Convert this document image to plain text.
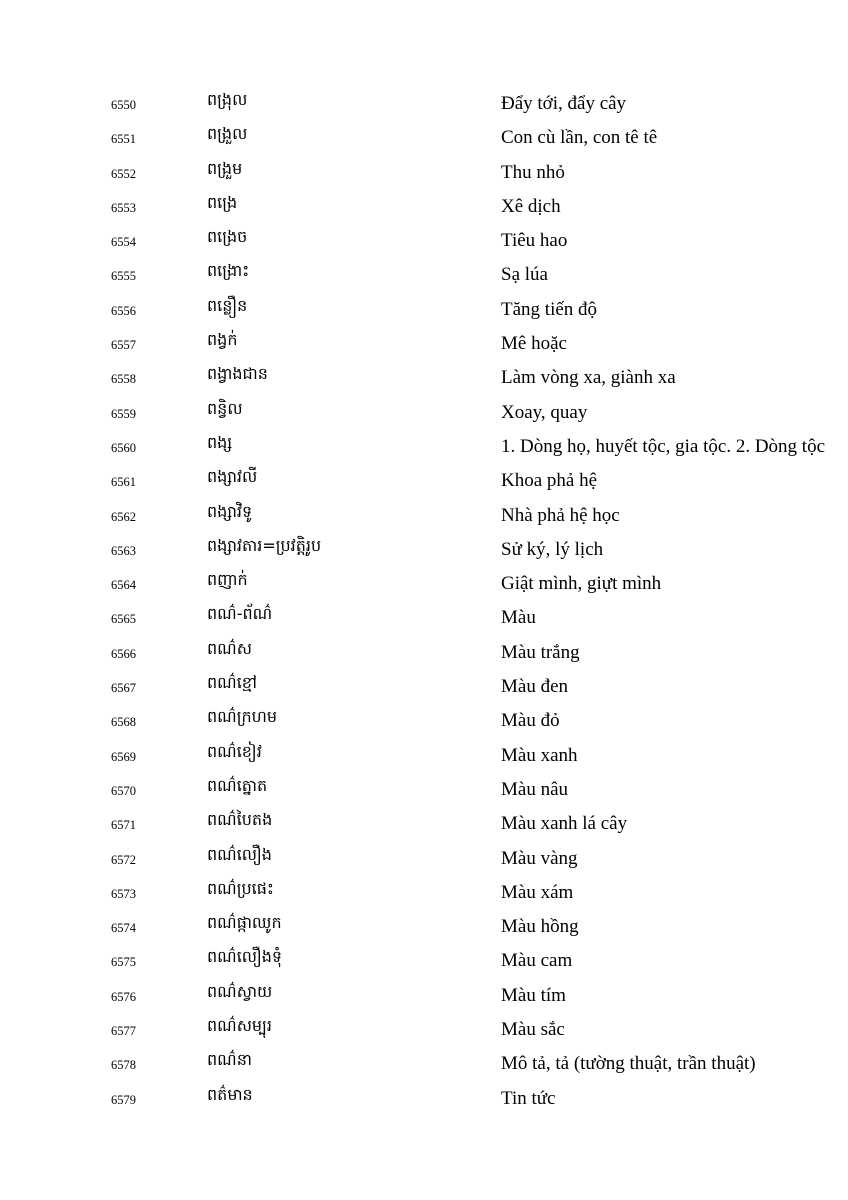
6550	ពង្រុល	Đẩy tới, đẩy cây
6551	ពង្រួល	Con cù lần, con tê tê
6552	ពង្រួម	Thu nhỏ
6553	ពង្រេ	Xê dịch
6554	ពង្រេច	Tiêu hao
6555	ពង្រោះ	Sạ lúa
6556	ពន្លឿន	Tăng tiến độ
6557	ពង្វក់	Mê hoặc
6558	ពង្វាងជាន	Làm vòng xa, giành xa
6559	ពន្វិល	Xoay, quay
6560	ពង្ស	1. Dòng họ, huyết tộc, gia tộc. 2. Dòng tộc
6561	ពង្សាវលី	Khoa phả hệ
6562	ពង្សាវិទូ	Nhà phả hệ học
6563	ពង្សាវតារ=ប្រវត្តិរូប	Sử ký, lý lịch
6564	ពញាក់	Giật mình, giựt mình
6565	ពណ៌-ព័ណ៌	Màu
6566	ពណ៌ស	Màu trắng
6567	ពណ៌ខ្មៅ	Màu đen
6568	ពណ៌ក្រហម	Màu đỏ
6569	ពណ៌ខៀវ	Màu xanh
6570	ពណ៌ត្នោត	Màu nâu
6571	ពណ៌បៃតង	Màu xanh lá cây
6572	ពណ៌លឿង	Màu vàng
6573	ពណ៌ប្រផេះ	Màu xám
6574	ពណ៌ផ្កាឈូក	Màu hồng
6575	ពណ៌លឿងទុំ	Màu cam
6576	ពណ៌ស្វាយ	Màu tím
6577	ពណ៌សម្បុរ	Màu sắc
6578	ពណ៌នា	Mô tả, tả (tường thuật, trần thuật)
6579	ពត៌មាន	Tin tức
